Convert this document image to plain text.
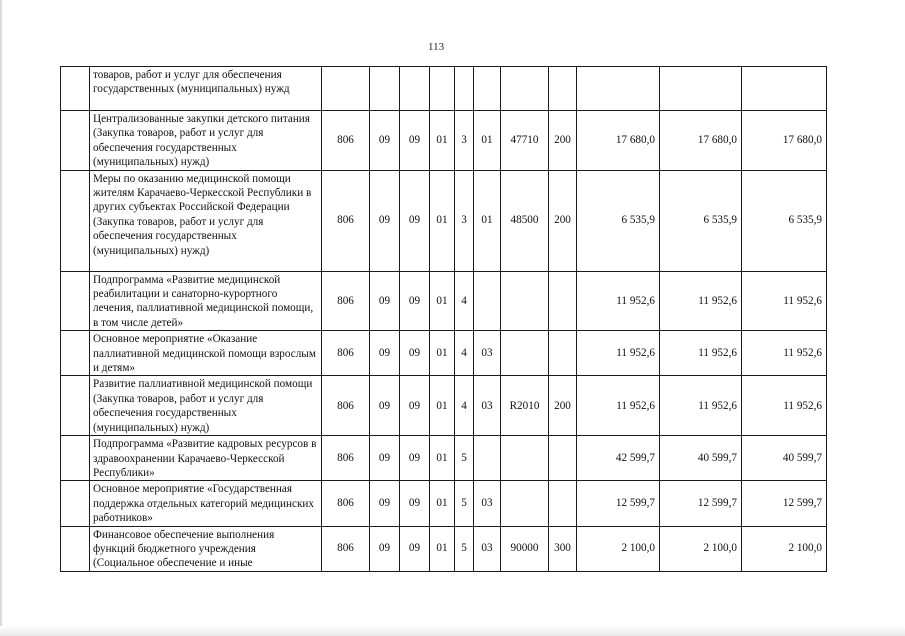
113
	товаров, работ и услуг для обеспечения государственных (муниципальных) нужд											
	Централизованные закупки детского питания (Закупка товаров, работ и услуг для обеспечения государственных (муниципальных) нужд)	806	09	09	01	3	01	47710	200	17 680,0	17 680,0	17 680,0
	Меры по оказанию медицинской помощи жителям Карачаево-Черкесской Республики в других субъектах Российской Федерации (Закупка товаров, работ и услуг для обеспечения государственных (муниципальных) нужд)	806	09	09	01	3	01	48500	200	6 535,9	6 535,9	6 535,9
	Подпрограмма «Развитие медицинской реабилитации и санаторно-курортного лечения, паллиативной медицинской помощи, в том числе детей»	806	09	09	01	4				11 952,6	11 952,6	11 952,6
	Основное мероприятие «Оказание паллиативной медицинской помощи взрослым и детям»	806	09	09	01	4	03			11 952,6	11 952,6	11 952,6
	Развитие паллиативной медицинской помощи (Закупка товаров, работ и услуг для обеспечения государственных (муниципальных) нужд)	806	09	09	01	4	03	R2010	200	11 952,6	11 952,6	11 952,6
	Подпрограмма «Развитие кадровых ресурсов в здравоохранении Карачаево-Черкесской Республики»	806	09	09	01	5				42 599,7	40 599,7	40 599,7
	Основное мероприятие «Государственная поддержка отдельных категорий медицинских работников»	806	09	09	01	5	03			12 599,7	12 599,7	12 599,7
	Финансовое обеспечение выполнения функций бюджетного учреждения (Социальное обеспечение и иные	806	09	09	01	5	03	90000	300	2 100,0	2 100,0	2 100,0
